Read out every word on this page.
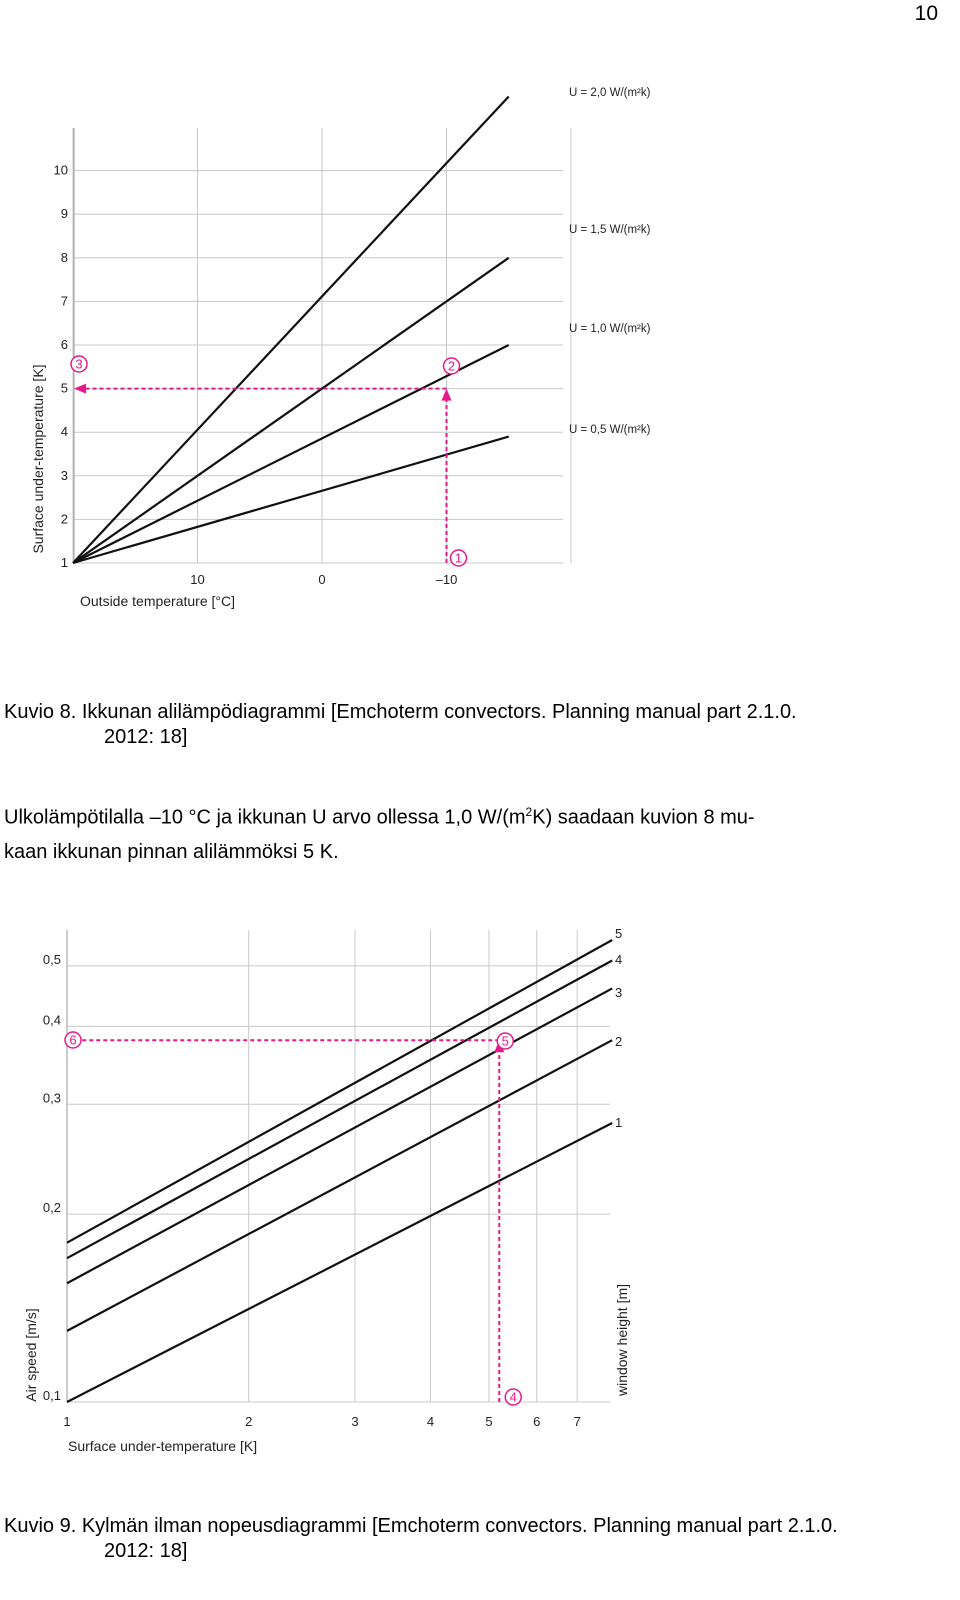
10
1
2
3
1
2
3
4
5
6
7
8
9
10
10	0	–10
Outside temperature [°C]
Surface under-temperature [K]
U = 2,0 W/(m²k)
U = 1,5 W/(m²k)
U = 1,0 W/(m²k)
U = 0,5 W/(m²k)
Kuvio 8. Ikkunan alilämpödiagrammi [Emchoterm convectors. Planning manual part 2.1.0.
2012: 18]
Ulkolämpötilalla –10 °C ja ikkunan U arvo ollessa 1,0 $W/(m^2K)$ saadaan kuvion 8 mu-
kaan ikkunan pinnan alilämmöksi 5 K.
4
5
6
0,1
0,2
0,3
0,4
0,5
1	2	3	4	5	6	7
Surface under-temperature [K]
Air speed [m/s]	window height [m]
1
2
3
4
5
Kuvio 9. Kylmän ilman nopeusdiagrammi [Emchoterm convectors. Planning manual part 2.1.0.
2012: 18]
